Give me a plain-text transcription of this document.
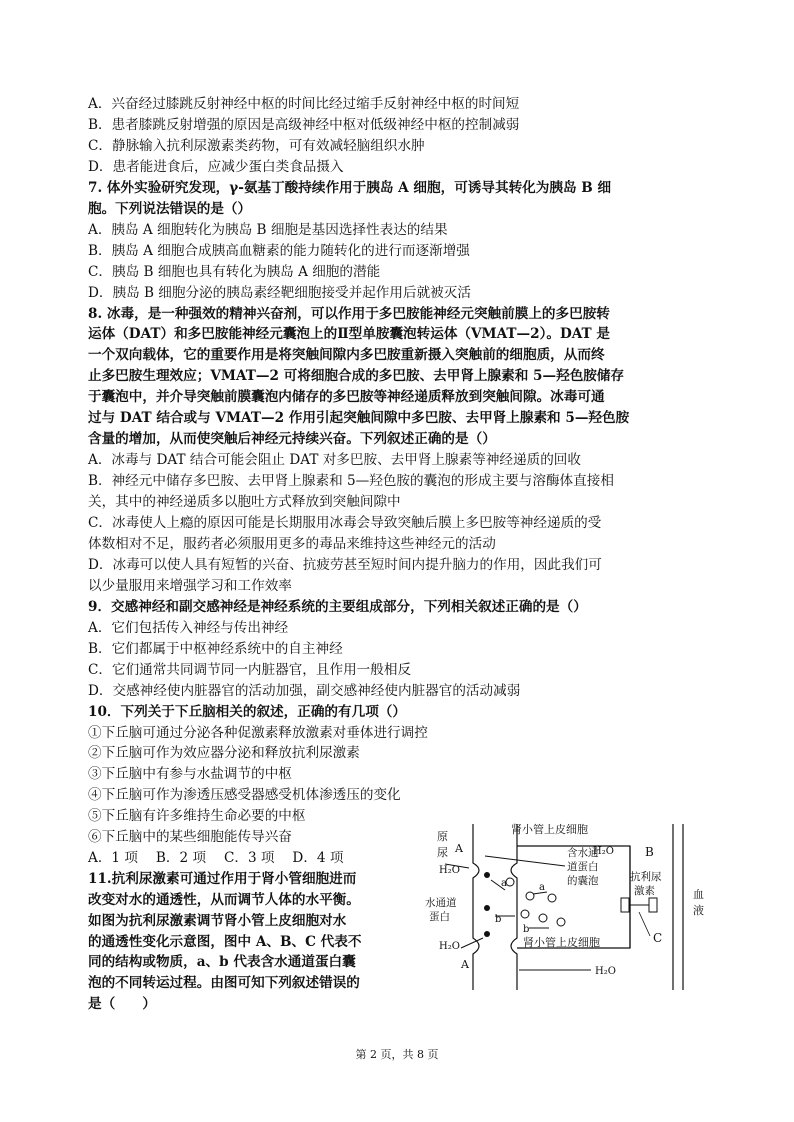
A．兴奋经过膝跳反射神经中枢的时间比经过缩手反射神经中枢的时间短
B．患者膝跳反射增强的原因是高级神经中枢对低级神经中枢的控制减弱
C．静脉输入抗利尿激素类药物，可有效减轻脑组织水肿
D．患者能进食后，应减少蛋白类食品摄入
7. 体外实验研究发现，γ-氨基丁酸持续作用于胰岛 A 细胞，可诱导其转化为胰岛 B 细
胞。下列说法错误的是（）
A．胰岛 A 细胞转化为胰岛 B 细胞是基因选择性表达的结果
B．胰岛 A 细胞合成胰高血糖素的能力随转化的进行而逐渐增强
C．胰岛 B 细胞也具有转化为胰岛 A 细胞的潜能
D．胰岛 B 细胞分泌的胰岛素经靶细胞接受并起作用后就被灭活
8. 冰毒，是一种强效的精神兴奋剂，可以作用于多巴胺能神经元突触前膜上的多巴胺转
运体（DAT）和多巴胺能神经元囊泡上的Ⅱ型单胺囊泡转运体（VMAT—2）。DAT 是
一个双向载体，它的重要作用是将突触间隙内多巴胺重新摄入突触前的细胞质，从而终
止多巴胺生理效应；VMAT—2 可将细胞合成的多巴胺、去甲肾上腺素和 5—羟色胺储存
于囊泡中，并介导突触前膜囊泡内储存的多巴胺等神经递质释放到突触间隙。冰毒可通
过与 DAT 结合或与 VMAT—2 作用引起突触间隙中多巴胺、去甲肾上腺素和 5—羟色胺
含量的增加，从而使突触后神经元持续兴奋。下列叙述正确的是（）
A．冰毒与 DAT 结合可能会阻止 DAT 对多巴胺、去甲肾上腺素等神经递质的回收
B．神经元中储存多巴胺、去甲肾上腺素和 5—羟色胺的囊泡的形成主要与溶酶体直接相
关，其中的神经递质多以胞吐方式释放到突触间隙中
C．冰毒使人上瘾的原因可能是长期服用冰毒会导致突触后膜上多巴胺等神经递质的受
体数相对不足，服药者必须服用更多的毒品来维持这些神经元的活动
D．冰毒可以使人具有短暂的兴奋、抗疲劳甚至短时间内提升脑力的作用，因此我们可
以少量服用来增强学习和工作效率
9．交感神经和副交感神经是神经系统的主要组成部分，下列相关叙述正确的是（）
A．它们包括传入神经与传出神经
B．它们都属于中枢神经系统中的自主神经
C．它们通常共同调节同一内脏器官，且作用一般相反
D．交感神经使内脏器官的活动加强，副交感神经使内脏器官的活动减弱
10．下列关于下丘脑相关的叙述，正确的有几项（）
①下丘脑可通过分泌各种促激素释放激素对垂体进行调控
②下丘脑可作为效应器分泌和释放抗利尿激素
③下丘脑中有参与水盐调节的中枢
④下丘脑可作为渗透压感受器感受机体渗透压的变化
⑤下丘脑有许多维持生命必要的中枢
⑥下丘脑中的某些细胞能传导兴奋
A．1 项　 B．2 项　 C．3 项　 D．4 项
11.抗利尿激素可通过作用于肾小管细胞进而
改变对水的通透性，从而调节人体的水平衡。
如图为抗利尿激素调节肾小管上皮细胞对水
的通透性变化示意图，图中 A、B、C 代表不
同的结构或物质，a、b 代表含水通道蛋白囊
泡的不同转运过程。由图可知下列叙述错误的
是（　　）
肾小管上皮细胞
肾小管上皮细胞
原
尿 A
A
B
C
H₂O
H₂O
H₂O
H₂O
a	a
b
b
水通道
蛋白
含水通
道蛋白
的囊泡	抗利尿
激素	血
液
第 2 页，共 8 页
